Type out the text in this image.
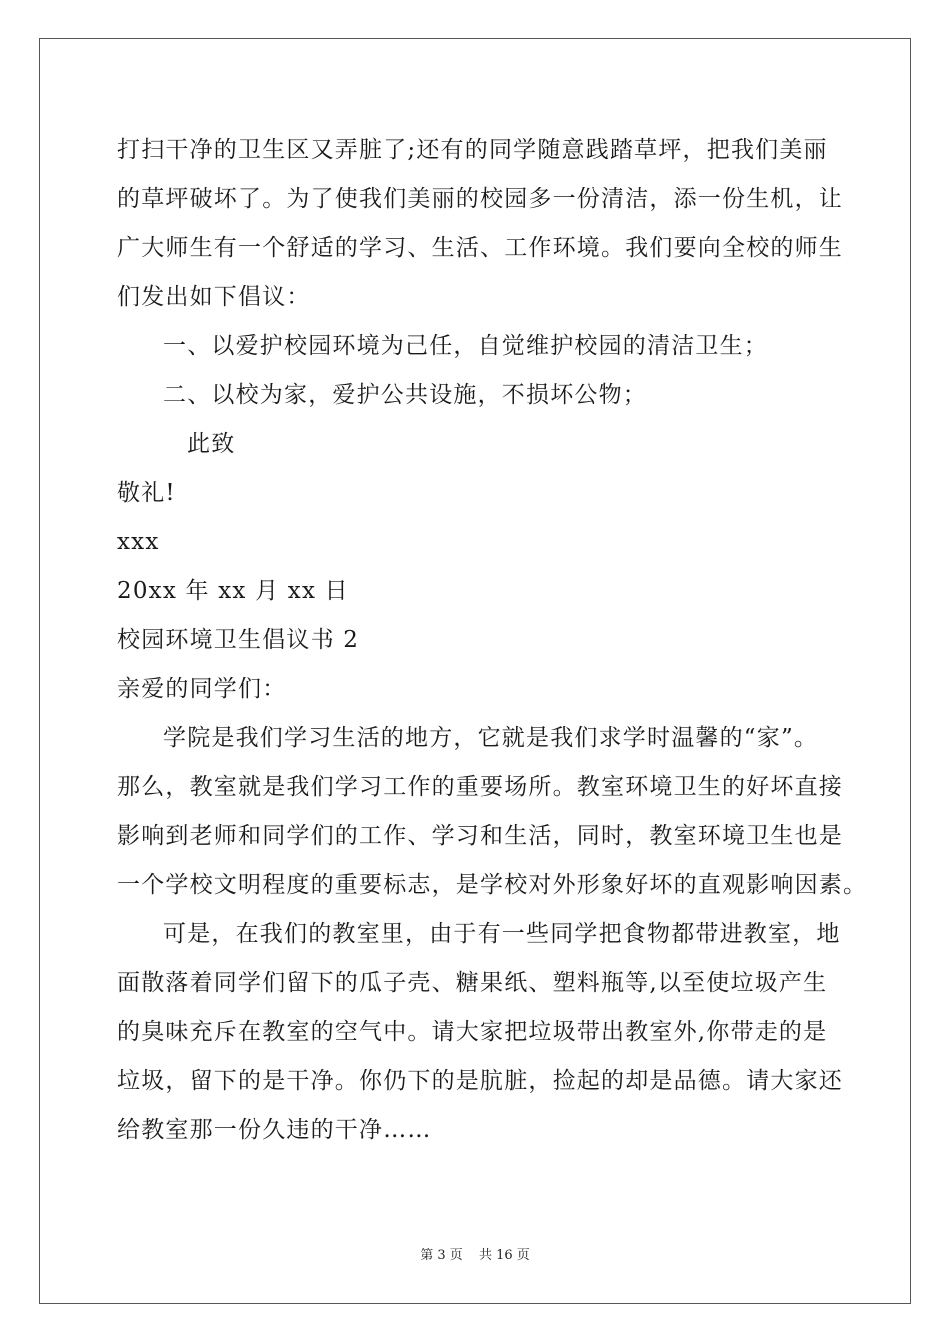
打扫干净的卫生区又弄脏了;还有的同学随意践踏草坪，把我们美丽
的草坪破坏了。为了使我们美丽的校园多一份清洁，添一份生机，让
广大师生有一个舒适的学习、生活、工作环境。我们要向全校的师生
们发出如下倡议：
一、以爱护校园环境为己任，自觉维护校园的清洁卫生；
二、以校为家，爱护公共设施，不损坏公物；
此致
敬礼!
xxx
20xx 年 xx 月 xx 日
校园环境卫生倡议书 2
亲爱的同学们：
学院是我们学习生活的地方，它就是我们求学时温馨的“家”。
那么，教室就是我们学习工作的重要场所。教室环境卫生的好坏直接
影响到老师和同学们的工作、学习和生活，同时，教室环境卫生也是
一个学校文明程度的重要标志，是学校对外形象好坏的直观影响因素。
可是，在我们的教室里，由于有一些同学把食物都带进教室，地
面散落着同学们留下的瓜子壳、糖果纸、塑料瓶等,以至使垃圾产生
的臭味充斥在教室的空气中。请大家把垃圾带出教室外,你带走的是
垃圾，留下的是干净。你仍下的是肮脏，捡起的却是品德。请大家还
给教室那一份久违的干净……
第 3 页 共 16 页
